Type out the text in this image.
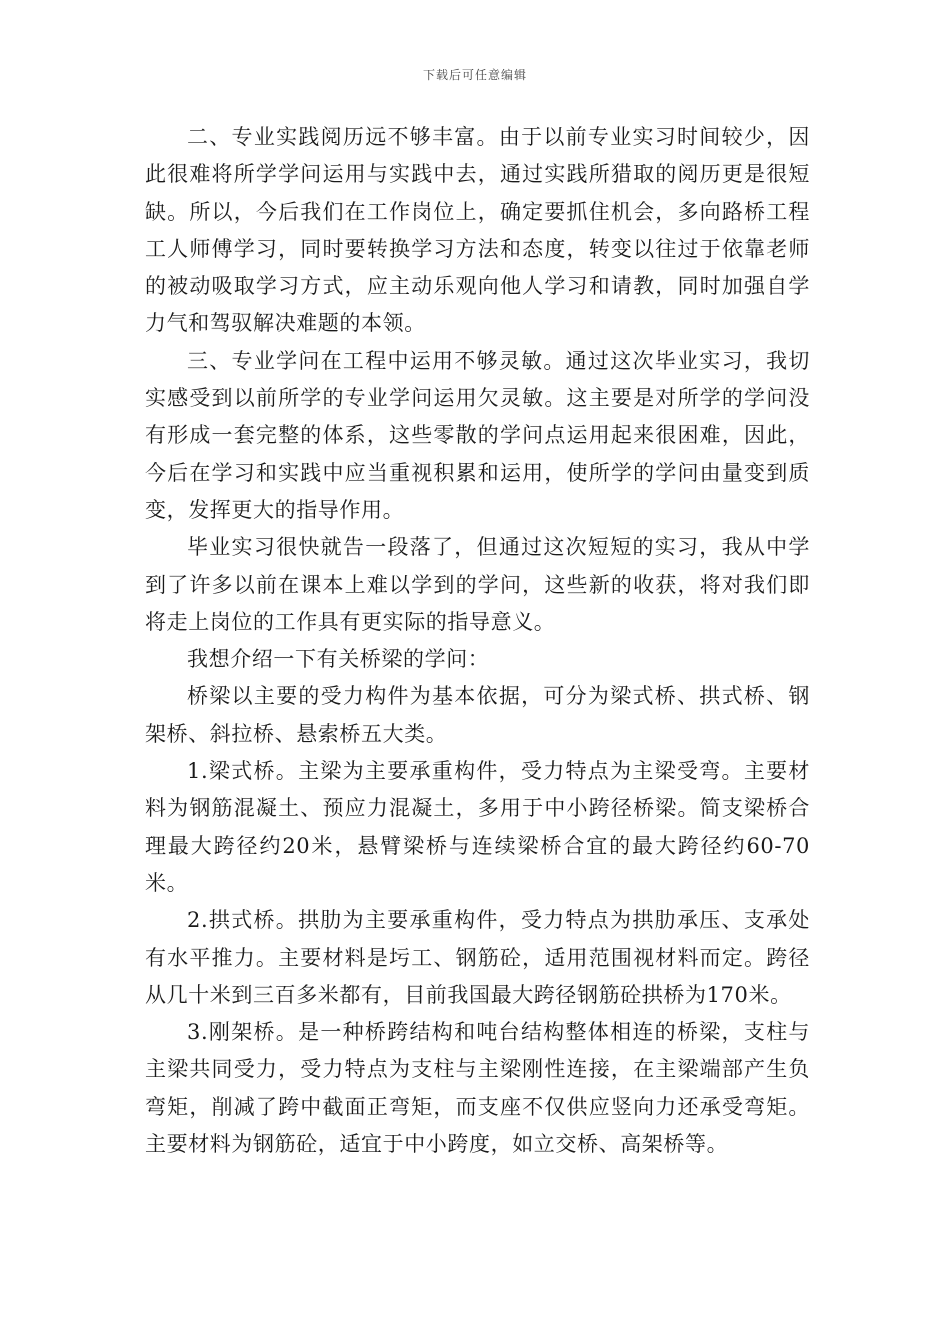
下载后可任意编辑

二、专业实践阅历远不够丰富。由于以前专业实习时间较少，因此很难将所学学问运用与实践中去，通过实践所猎取的阅历更是很短缺。所以，今后我们在工作岗位上，确定要抓住机会，多向路桥工程工人师傅学习，同时要转换学习方法和态度，转变以往过于依靠老师的被动吸取学习方式，应主动乐观向他人学习和请教，同时加强自学力气和驾驭解决难题的本领。

三、专业学问在工程中运用不够灵敏。通过这次毕业实习，我切实感受到以前所学的专业学问运用欠灵敏。这主要是对所学的学问没有形成一套完整的体系，这些零散的学问点运用起来很困难，因此，今后在学习和实践中应当重视积累和运用，使所学的学问由量变到质变，发挥更大的指导作用。

毕业实习很快就告一段落了，但通过这次短短的实习，我从中学到了许多以前在课本上难以学到的学问，这些新的收获，将对我们即将走上岗位的工作具有更实际的指导意义。

我想介绍一下有关桥梁的学问：

桥梁以主要的受力构件为基本依据，可分为梁式桥、拱式桥、钢架桥、斜拉桥、悬索桥五大类。

1.梁式桥。主梁为主要承重构件，受力特点为主梁受弯。主要材料为钢筋混凝土、预应力混凝土，多用于中小跨径桥梁。简支梁桥合理最大跨径约20米，悬臂梁桥与连续梁桥合宜的最大跨径约60-70米。

2.拱式桥。拱肋为主要承重构件，受力特点为拱肋承压、支承处有水平推力。主要材料是圬工、钢筋砼，适用范围视材料而定。跨径从几十米到三百多米都有，目前我国最大跨径钢筋砼拱桥为170米。

3.刚架桥。是一种桥跨结构和吨台结构整体相连的桥梁，支柱与主梁共同受力，受力特点为支柱与主梁刚性连接，在主梁端部产生负弯矩，削减了跨中截面正弯矩，而支座不仅供应竖向力还承受弯矩。主要材料为钢筋砼，适宜于中小跨度，如立交桥、高架桥等。
